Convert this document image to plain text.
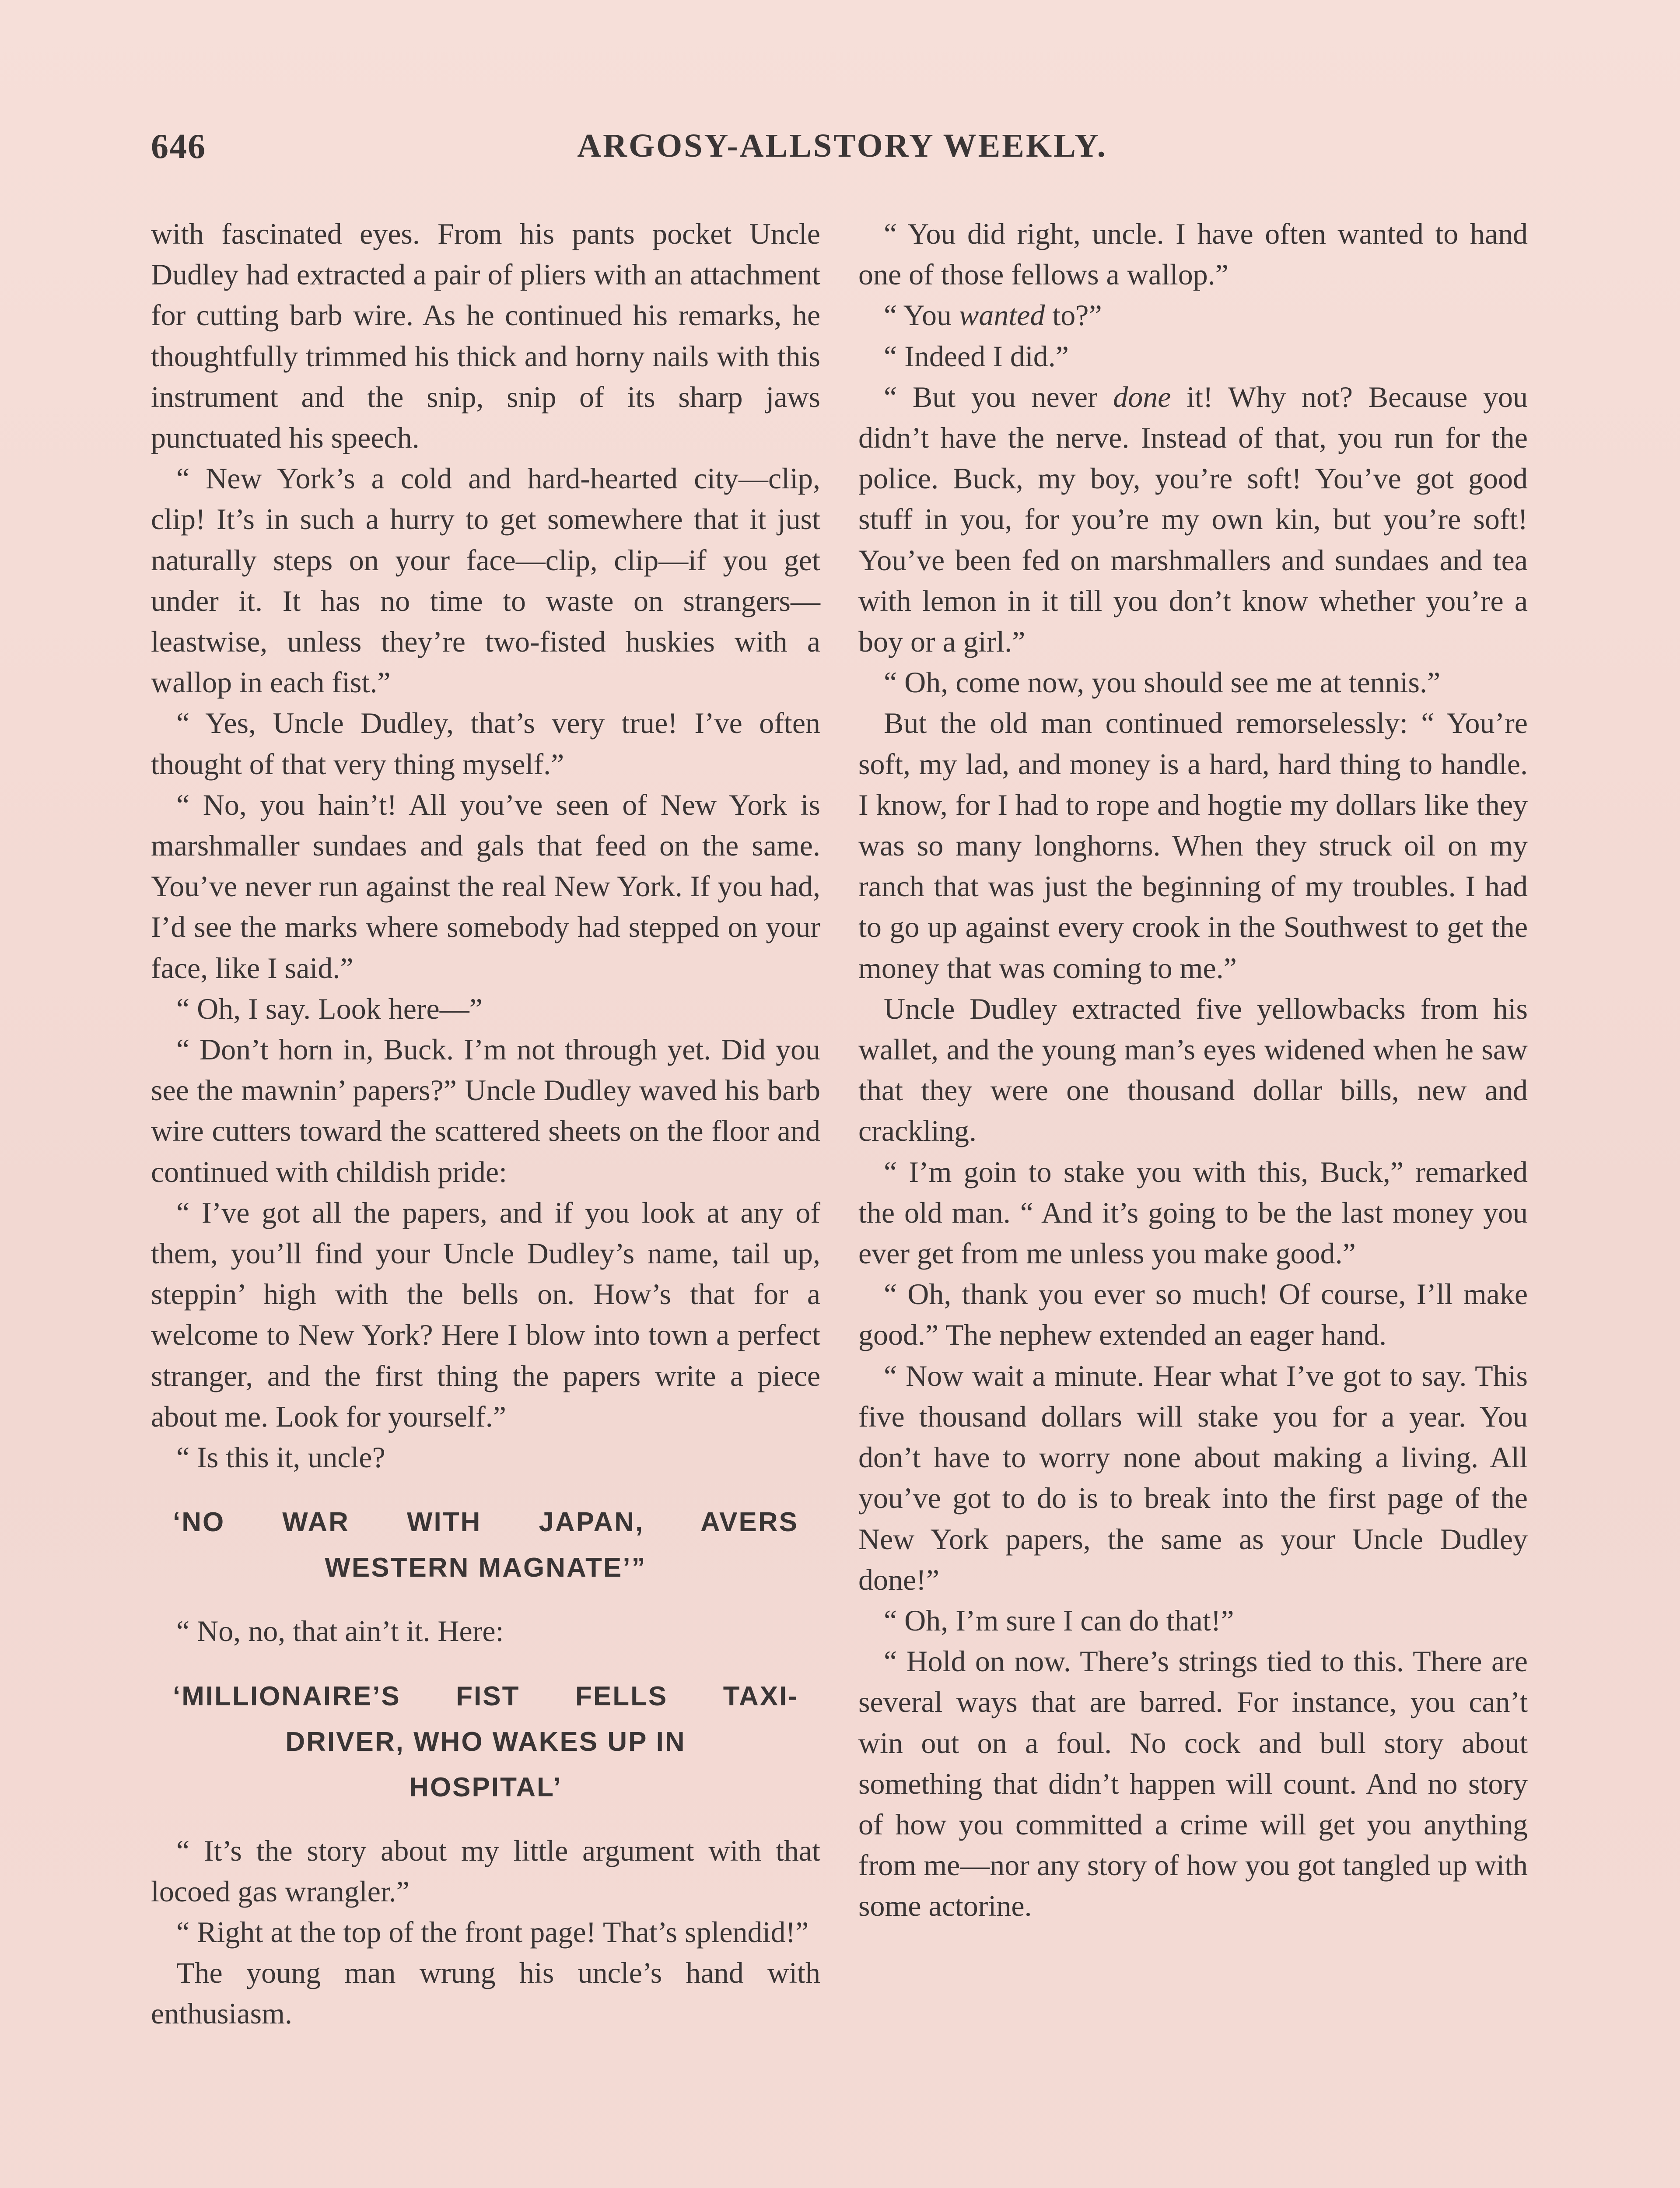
646	ARGOSY-ALLSTORY WEEKLY.

with fascinated eyes. From his pants pocket Uncle Dudley had extracted a pair of pliers with an attachment for cutting barb wire. As he continued his remarks, he thoughtfully trimmed his thick and horny nails with this instrument and the snip, snip of its sharp jaws punctuated his speech.

“ New York’s a cold and hard-hearted city—clip, clip! It’s in such a hurry to get somewhere that it just naturally steps on your face—clip, clip—if you get under it. It has no time to waste on strangers—leastwise, unless they’re two-fisted huskies with a wallop in each fist.”

“ Yes, Uncle Dudley, that’s very true! I’ve often thought of that very thing myself.”

“ No, you hain’t! All you’ve seen of New York is marshmaller sundaes and gals that feed on the same. You’ve never run against the real New York. If you had, I’d see the marks where somebody had stepped on your face, like I said.”

“ Oh, I say. Look here—”

“ Don’t horn in, Buck. I’m not through yet. Did you see the mawnin’ papers?” Uncle Dudley waved his barb wire cutters toward the scattered sheets on the floor and continued with childish pride:

“ I’ve got all the papers, and if you look at any of them, you’ll find your Uncle Dudley’s name, tail up, steppin’ high with the bells on. How’s that for a welcome to New York? Here I blow into town a perfect stranger, and the first thing the papers write a piece about me. Look for yourself.”

“ Is this it, uncle?

‘NO WAR WITH JAPAN, AVERS
WESTERN MAGNATE’”

“ No, no, that ain’t it. Here:

‘MILLIONAIRE’S FIST FELLS TAXI-
DRIVER, WHO WAKES UP IN
HOSPITAL’

“ It’s the story about my little argument with that locoed gas wrangler.”

“ Right at the top of the front page! That’s splendid!”

The young man wrung his uncle’s hand with enthusiasm.

“ You did right, uncle. I have often wanted to hand one of those fellows a wallop.”

“ You wanted to?”

“ Indeed I did.”

“ But you never done it! Why not? Because you didn’t have the nerve. Instead of that, you run for the police. Buck, my boy, you’re soft! You’ve got good stuff in you, for you’re my own kin, but you’re soft! You’ve been fed on marshmallers and sundaes and tea with lemon in it till you don’t know whether you’re a boy or a girl.”

“ Oh, come now, you should see me at tennis.”

But the old man continued remorselessly: “ You’re soft, my lad, and money is a hard, hard thing to handle. I know, for I had to rope and hogtie my dollars like they was so many longhorns. When they struck oil on my ranch that was just the beginning of my troubles. I had to go up against every crook in the Southwest to get the money that was coming to me.”

Uncle Dudley extracted five yellowbacks from his wallet, and the young man’s eyes widened when he saw that they were one thousand dollar bills, new and crackling.

“ I’m goin to stake you with this, Buck,” remarked the old man. “ And it’s going to be the last money you ever get from me unless you make good.”

“ Oh, thank you ever so much! Of course, I’ll make good.” The nephew extended an eager hand.

“ Now wait a minute. Hear what I’ve got to say. This five thousand dollars will stake you for a year. You don’t have to worry none about making a living. All you’ve got to do is to break into the first page of the New York papers, the same as your Uncle Dudley done!”

“ Oh, I’m sure I can do that!”

“ Hold on now. There’s strings tied to this. There are several ways that are barred. For instance, you can’t win out on a foul. No cock and bull story about something that didn’t happen will count. And no story of how you committed a crime will get you anything from me—nor any story of how you got tangled up with some actorine.
